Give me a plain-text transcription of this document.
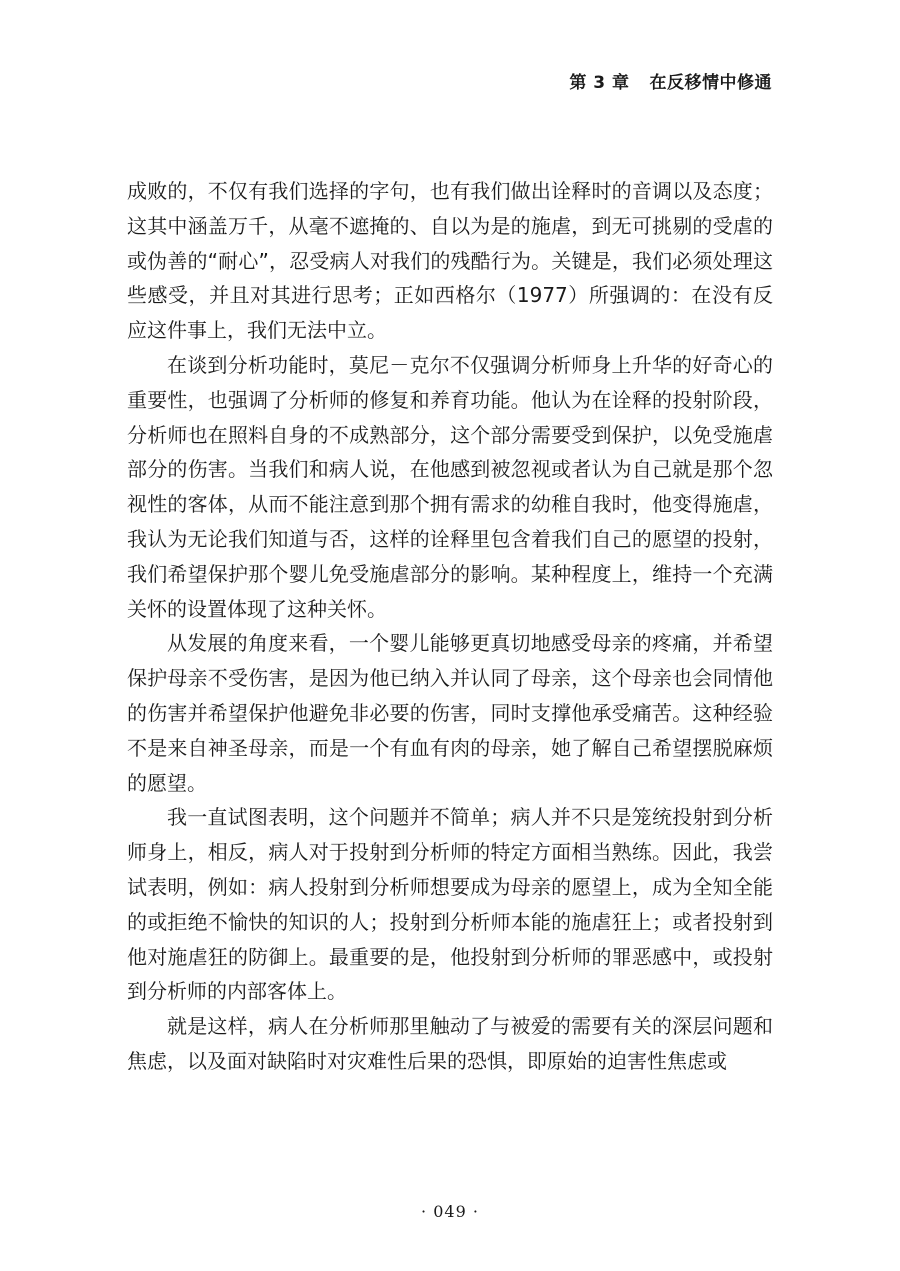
第 3 章 在反移情中修通

成败的，不仅有我们选择的字句，也有我们做出诠释时的音调以及态度；这其中涵盖万千，从毫不遮掩的、自以为是的施虐，到无可挑剔的受虐的或伪善的“耐心”，忍受病人对我们的残酷行为。关键是，我们必须处理这些感受，并且对其进行思考；正如西格尔（1977）所强调的：在没有反应这件事上，我们无法中立。

在谈到分析功能时，莫尼－克尔不仅强调分析师身上升华的好奇心的重要性，也强调了分析师的修复和养育功能。他认为在诠释的投射阶段，分析师也在照料自身的不成熟部分，这个部分需要受到保护，以免受施虐部分的伤害。当我们和病人说，在他感到被忽视或者认为自己就是那个忽视性的客体，从而不能注意到那个拥有需求的幼稚自我时，他变得施虐，我认为无论我们知道与否，这样的诠释里包含着我们自己的愿望的投射，我们希望保护那个婴儿免受施虐部分的影响。某种程度上，维持一个充满关怀的设置体现了这种关怀。

从发展的角度来看，一个婴儿能够更真切地感受母亲的疼痛，并希望保护母亲不受伤害，是因为他已纳入并认同了母亲，这个母亲也会同情他的伤害并希望保护他避免非必要的伤害，同时支撑他承受痛苦。这种经验不是来自神圣母亲，而是一个有血有肉的母亲，她了解自己希望摆脱麻烦的愿望。

我一直试图表明，这个问题并不简单；病人并不只是笼统投射到分析师身上，相反，病人对于投射到分析师的特定方面相当熟练。因此，我尝试表明，例如：病人投射到分析师想要成为母亲的愿望上，成为全知全能的或拒绝不愉快的知识的人；投射到分析师本能的施虐狂上；或者投射到他对施虐狂的防御上。最重要的是，他投射到分析师的罪恶感中，或投射到分析师的内部客体上。

就是这样，病人在分析师那里触动了与被爱的需要有关的深层问题和焦虑，以及面对缺陷时对灾难性后果的恐惧，即原始的迫害性焦虑或

· 049 ·
